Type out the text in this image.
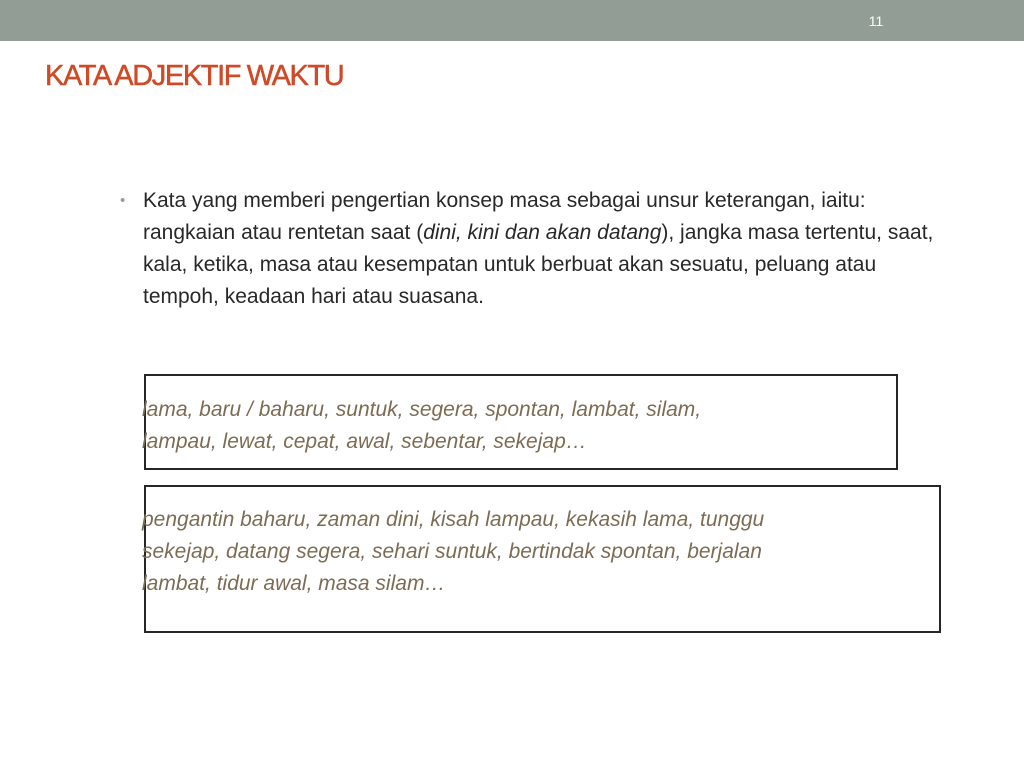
11
KATA ADJEKTIF WAKTU
• Kata yang memberi pengertian konsep masa sebagai unsur keterangan, iaitu: rangkaian atau rentetan saat (dini, kini dan akan datang), jangka masa tertentu, saat, kala, ketika, masa atau kesempatan untuk berbuat akan sesuatu, peluang atau tempoh, keadaan hari atau suasana.

lama, baru / baharu, suntuk, segera, spontan, lambat, silam,
lampau, lewat, cepat, awal, sebentar, sekejap…

pengantin baharu, zaman dini, kisah lampau, kekasih lama, tunggu
sekejap, datang segera, sehari suntuk, bertindak spontan, berjalan
lambat, tidur awal, masa silam…
